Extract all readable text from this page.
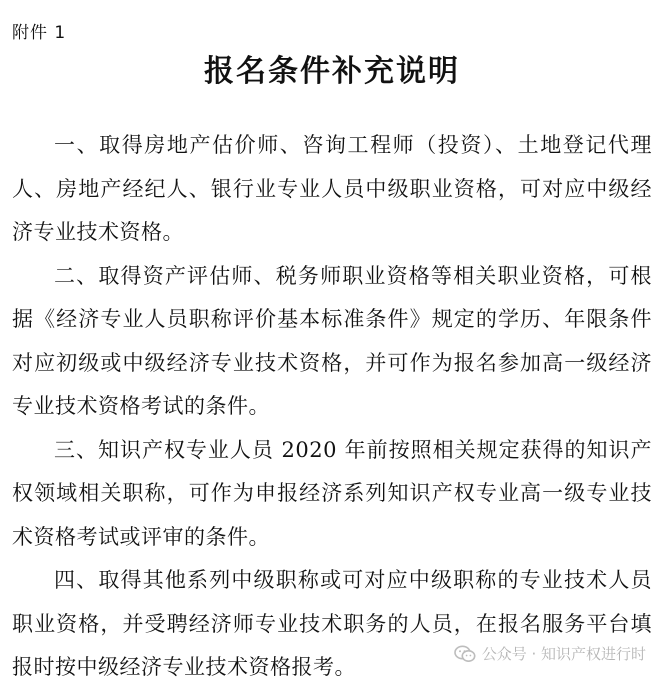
附件 1
报名条件补充说明

一、取得房地产估价师、咨询工程师（投资）、土地登记代理人、房地产经纪人、银行业专业人员中级职业资格，可对应中级经济专业技术资格。

二、取得资产评估师、税务师职业资格等相关职业资格，可根据《经济专业人员职称评价基本标准条件》规定的学历、年限条件对应初级或中级经济专业技术资格，并可作为报名参加高一级经济专业技术资格考试的条件。

三、知识产权专业人员 2020 年前按照相关规定获得的知识产权领域相关职称，可作为申报经济系列知识产权专业高一级专业技术资格考试或评审的条件。

四、取得其他系列中级职称或可对应中级职称的专业技术人员职业资格，并受聘经济师专业技术职务的人员，在报名服务平台填报时按中级经济专业技术资格报考。

公众号 · 知识产权进行时
